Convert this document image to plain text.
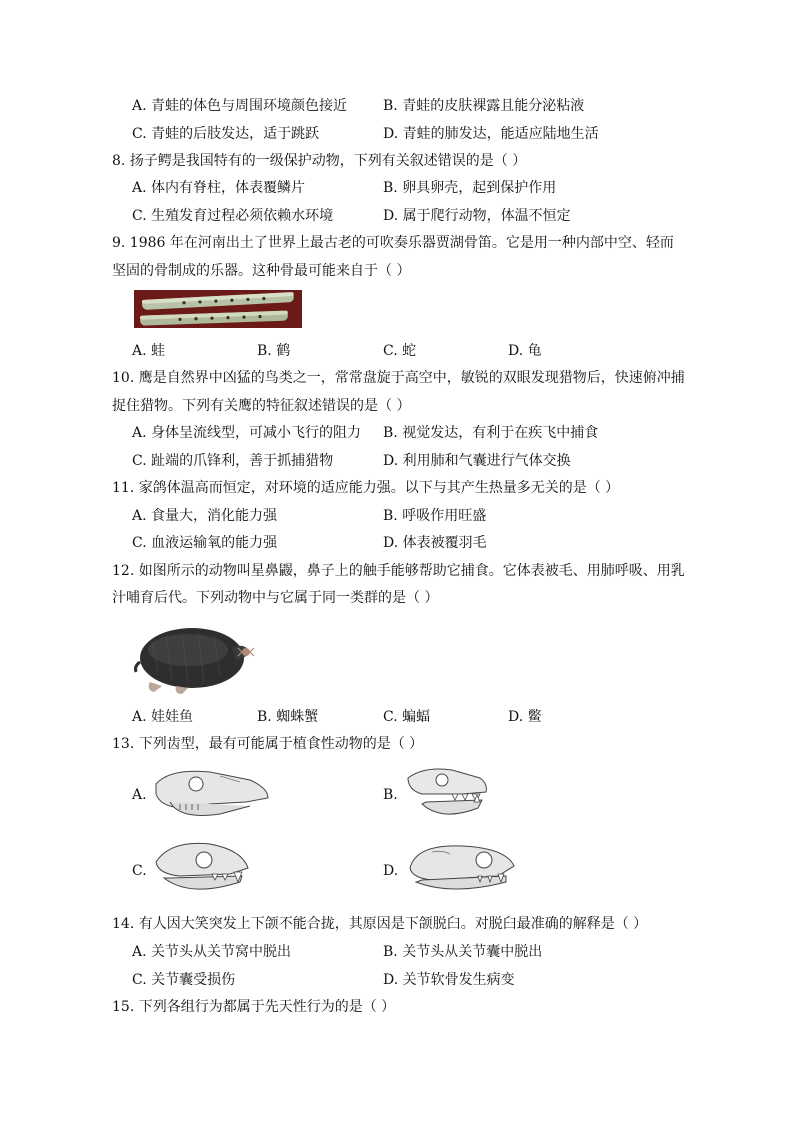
A. 青蛙的体色与周围环境颜色接近	B. 青蛙的皮肤裸露且能分泌粘液
C. 青蛙的后肢发达，适于跳跃	D. 青蛙的肺发达，能适应陆地生活
8. 扬子鳄是我国特有的一级保护动物，下列有关叙述错误的是（ ）
A. 体内有脊柱，体表覆鳞片	B. 卵具卵壳，起到保护作用
C. 生殖发育过程必须依赖水环境	D. 属于爬行动物，体温不恒定
9. 1986 年在河南出土了世界上最古老的可吹奏乐器贾湖骨笛。它是用一种内部中空、轻而
坚固的骨制成的乐器。这种骨最可能来自于（ ）
A. 蛙	B. 鹤	C. 蛇	D. 龟
10. 鹰是自然界中凶猛的鸟类之一，常常盘旋于高空中，敏锐的双眼发现猎物后，快速俯冲捕
捉住猎物。下列有关鹰的特征叙述错误的是（ ）
A. 身体呈流线型，可减小飞行的阻力 B. 视觉发达，有利于在疾飞中捕食
C. 趾端的爪锋利，善于抓捕猎物	D. 利用肺和气囊进行气体交换
11. 家鸽体温高而恒定，对环境的适应能力强。以下与其产生热量多无关的是（ ）
A. 食量大，消化能力强	B. 呼吸作用旺盛
C. 血液运输氧的能力强	D. 体表被覆羽毛
12. 如图所示的动物叫星鼻鼹，鼻子上的触手能够帮助它捕食。它体表被毛、用肺呼吸、用乳
汁哺育后代。下列动物中与它属于同一类群的是（ ）
A. 娃娃鱼	B. 蜘蛛蟹	C. 蝙蝠	D. 鳖
13. 下列齿型，最有可能属于植食性动物的是（ ）
A.	B.
C.	D.
14. 有人因大笑突发上下颌不能合拢，其原因是下颌脱臼。对脱臼最准确的解释是（ ）
A. 关节头从关节窝中脱出	B. 关节头从关节囊中脱出
C. 关节囊受损伤	D. 关节软骨发生病变
15. 下列各组行为都属于先天性行为的是（ ）
